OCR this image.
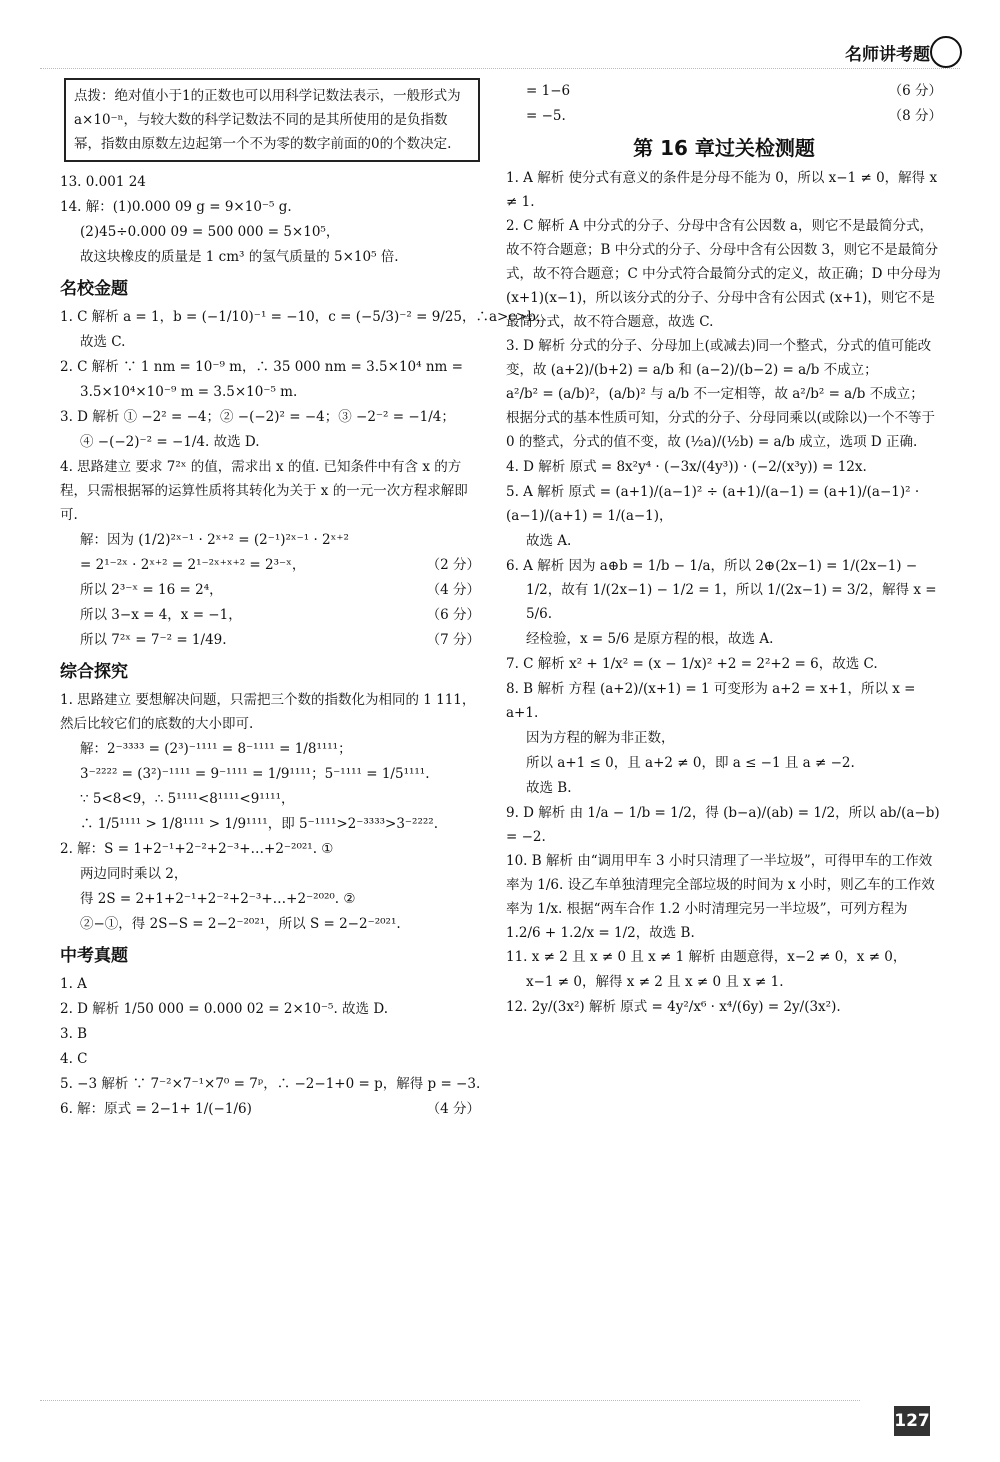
名师讲考题
点拨：绝对值小于1的正数也可以用科学记数法表示，一般形式为 a×10⁻ⁿ，与较大数的科学记数法不同的是其所使用的是负指数幂，指数由原数左边起第一个不为零的数字前面的0的个数决定.
13. 0.001 24
14. 解：(1)0.000 09 g = 9×10⁻⁵ g.
(2)45÷0.000 09 = 500 000 = 5×10⁵，
故这块橡皮的质量是 1 cm³ 的氢气质量的 5×10⁵ 倍.
名校金题
1. C 解析 a = 1，b = (−1/10)⁻¹ = −10，c = (−5/3)⁻² = 9/25，∴a>c>b，
故选 C.
2. C 解析 ∵ 1 nm = 10⁻⁹ m，∴ 35 000 nm = 3.5×10⁴ nm =
3.5×10⁴×10⁻⁹ m = 3.5×10⁻⁵ m.
3. D 解析 ① −2² = −4；② −(−2)² = −4；③ −2⁻² = −1/4；
④ −(−2)⁻² = −1/4. 故选 D.
4. 思路建立 要求 7²ˣ 的值，需求出 x 的值. 已知条件中有含 x 的方程，只需根据幂的运算性质将其转化为关于 x 的一元一次方程求解即可.
解：因为 (1/2)²ˣ⁻¹ · 2ˣ⁺² = (2⁻¹)²ˣ⁻¹ · 2ˣ⁺²
= 2¹⁻²ˣ · 2ˣ⁺² = 2¹⁻²ˣ⁺ˣ⁺² = 2³⁻ˣ，	（2 分）
所以 2³⁻ˣ = 16 = 2⁴，	（4 分）
所以 3−x = 4，x = −1，	（6 分）
所以 7²ˣ = 7⁻² = 1/49.	（7 分）
综合探究
1. 思路建立 要想解决问题，只需把三个数的指数化为相同的 1 111，然后比较它们的底数的大小即可.
解：2⁻³³³³ = (2³)⁻¹¹¹¹ = 8⁻¹¹¹¹ = 1/8¹¹¹¹；
3⁻²²²² = (3²)⁻¹¹¹¹ = 9⁻¹¹¹¹ = 1/9¹¹¹¹；5⁻¹¹¹¹ = 1/5¹¹¹¹.
∵ 5<8<9，∴ 5¹¹¹¹<8¹¹¹¹<9¹¹¹¹，
∴ 1/5¹¹¹¹ > 1/8¹¹¹¹ > 1/9¹¹¹¹，即 5⁻¹¹¹¹>2⁻³³³³>3⁻²²²².
2. 解：S = 1+2⁻¹+2⁻²+2⁻³+…+2⁻²⁰²¹. ①
两边同时乘以 2，
得 2S = 2+1+2⁻¹+2⁻²+2⁻³+…+2⁻²⁰²⁰. ②
②−①，得 2S−S = 2−2⁻²⁰²¹，所以 S = 2−2⁻²⁰²¹.
中考真题
1. A
2. D 解析 1/50 000 = 0.000 02 = 2×10⁻⁵. 故选 D.
3. B
4. C
5. −3 解析 ∵ 7⁻²×7⁻¹×7⁰ = 7ᵖ，∴ −2−1+0 = p，解得 p = −3.
6. 解：原式 = 2−1+ 1/(−1/6)	（4 分）
= 1−6	（6 分）
= −5.	（8 分）
第 16 章过关检测题
1. A 解析 使分式有意义的条件是分母不能为 0，所以 x−1 ≠ 0，解得 x ≠ 1.
2. C 解析 A 中分式的分子、分母中含有公因数 a，则它不是最简分式，故不符合题意；B 中分式的分子、分母中含有公因数 3，则它不是最简分式，故不符合题意；C 中分式符合最简分式的定义，故正确；D 中分母为 (x+1)(x−1)，所以该分式的分子、分母中含有公因式 (x+1)，则它不是最简分式，故不符合题意，故选 C.
3. D 解析 分式的分子、分母加上(或减去)同一个整式，分式的值可能改变，故 (a+2)/(b+2) = a/b 和 (a−2)/(b−2) = a/b 不成立；
a²/b² = (a/b)²，(a/b)² 与 a/b 不一定相等，故 a²/b² = a/b 不成立；
根据分式的基本性质可知，分式的分子、分母同乘以(或除以)一个不等于 0 的整式，分式的值不变，故 (½a)/(½b) = a/b 成立，选项 D 正确.
4. D 解析 原式 = 8x²y⁴ · (−3x/(4y³)) · (−2/(x³y)) = 12x.
5. A 解析 原式 = (a+1)/(a−1)² ÷ (a+1)/(a−1) = (a+1)/(a−1)² · (a−1)/(a+1) = 1/(a−1)，
故选 A.
6. A 解析 因为 a⊕b = 1/b − 1/a，所以 2⊕(2x−1) = 1/(2x−1) −
1/2，故有 1/(2x−1) − 1/2 = 1，所以 1/(2x−1) = 3/2，解得 x = 5/6.
经检验，x = 5/6 是原方程的根，故选 A.
7. C 解析 x² + 1/x² = (x − 1/x)² +2 = 2²+2 = 6，故选 C.
8. B 解析 方程 (a+2)/(x+1) = 1 可变形为 a+2 = x+1，所以 x = a+1.
因为方程的解为非正数，
所以 a+1 ≤ 0，且 a+2 ≠ 0，即 a ≤ −1 且 a ≠ −2.
故选 B.
9. D 解析 由 1/a − 1/b = 1/2，得 (b−a)/(ab) = 1/2，所以 ab/(a−b) = −2.
10. B 解析 由“调用甲车 3 小时只清理了一半垃圾”，可得甲车的工作效率为 1/6. 设乙车单独清理完全部垃圾的时间为 x 小时，则乙车的工作效率为 1/x. 根据“两车合作 1.2 小时清理完另一半垃圾”，可列方程为 1.2/6 + 1.2/x = 1/2，故选 B.
11. x ≠ 2 且 x ≠ 0 且 x ≠ 1 解析 由题意得，x−2 ≠ 0，x ≠ 0，
x−1 ≠ 0，解得 x ≠ 2 且 x ≠ 0 且 x ≠ 1.
12. 2y/(3x²) 解析 原式 = 4y²/x⁶ · x⁴/(6y) = 2y/(3x²).
127
